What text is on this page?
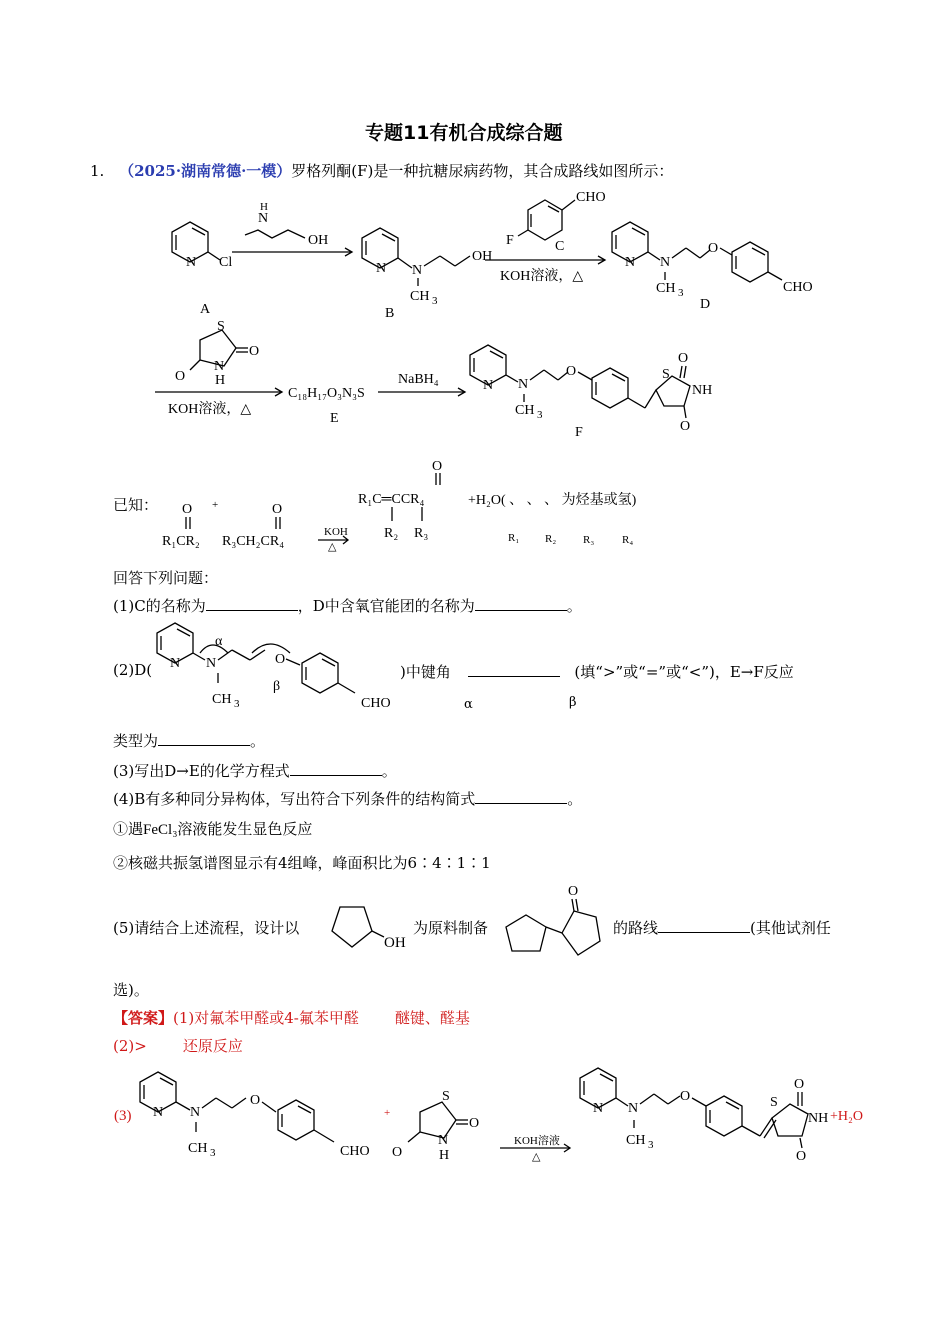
专题11有机合成综合题
1. （2025·湖南常德·一模）罗格列酮(F)是一种抗糖尿病药物，其合成路线如图所示：
Cl
N
A
N
H
OH
N N
OH
CH 3
B
CHO
F	C
KOH溶液，△
N N
O
CHO
CH 3
D
S
O
N
H
O
KOH溶液，△
C₁₈H₁₇O₃N₃S
E
NaBH₄	N N
O	S
O
NH
O
CH 3
F
已知：	+
O
R₁CR₂
O
R₃CH₂CR₄
KOH
△
O
R₁C═CCR₄
R₂ R₃
+H₂O( 、 、 、 为烃基或氢)
R₁ R₂ R₃	R₄
回答下列问题：
(1)C的名称为	，D中含氧官能团的名称为	。
(2)D( N N
α
O
β
CHO
CH 3
)中键角	(填“>”或“=”或“<”)，E→F反应
α	β
类型为	。
(3)写出D→E的化学方程式	。
(4)B有多种同分异构体，写出符合下列条件的结构简式	。
①遇FeCl₃溶液能发生显色反应
②核磁共振氢谱图显示有4组峰，峰面积比为6∶4∶1∶1
(5)请结合上述流程，设计以
OH
为原料制备
O
的路线	(其他试剂任
选)。
【答案】(1)对氟苯甲醛或4-氟苯甲醛 醚键、醛基
(2)> 还原反应
(3) N N
O
CHO
CH 3
+
S
O
N
H
O
KOH溶液
△
N N
O	S
O
NH
O
+H₂O
CH 3
